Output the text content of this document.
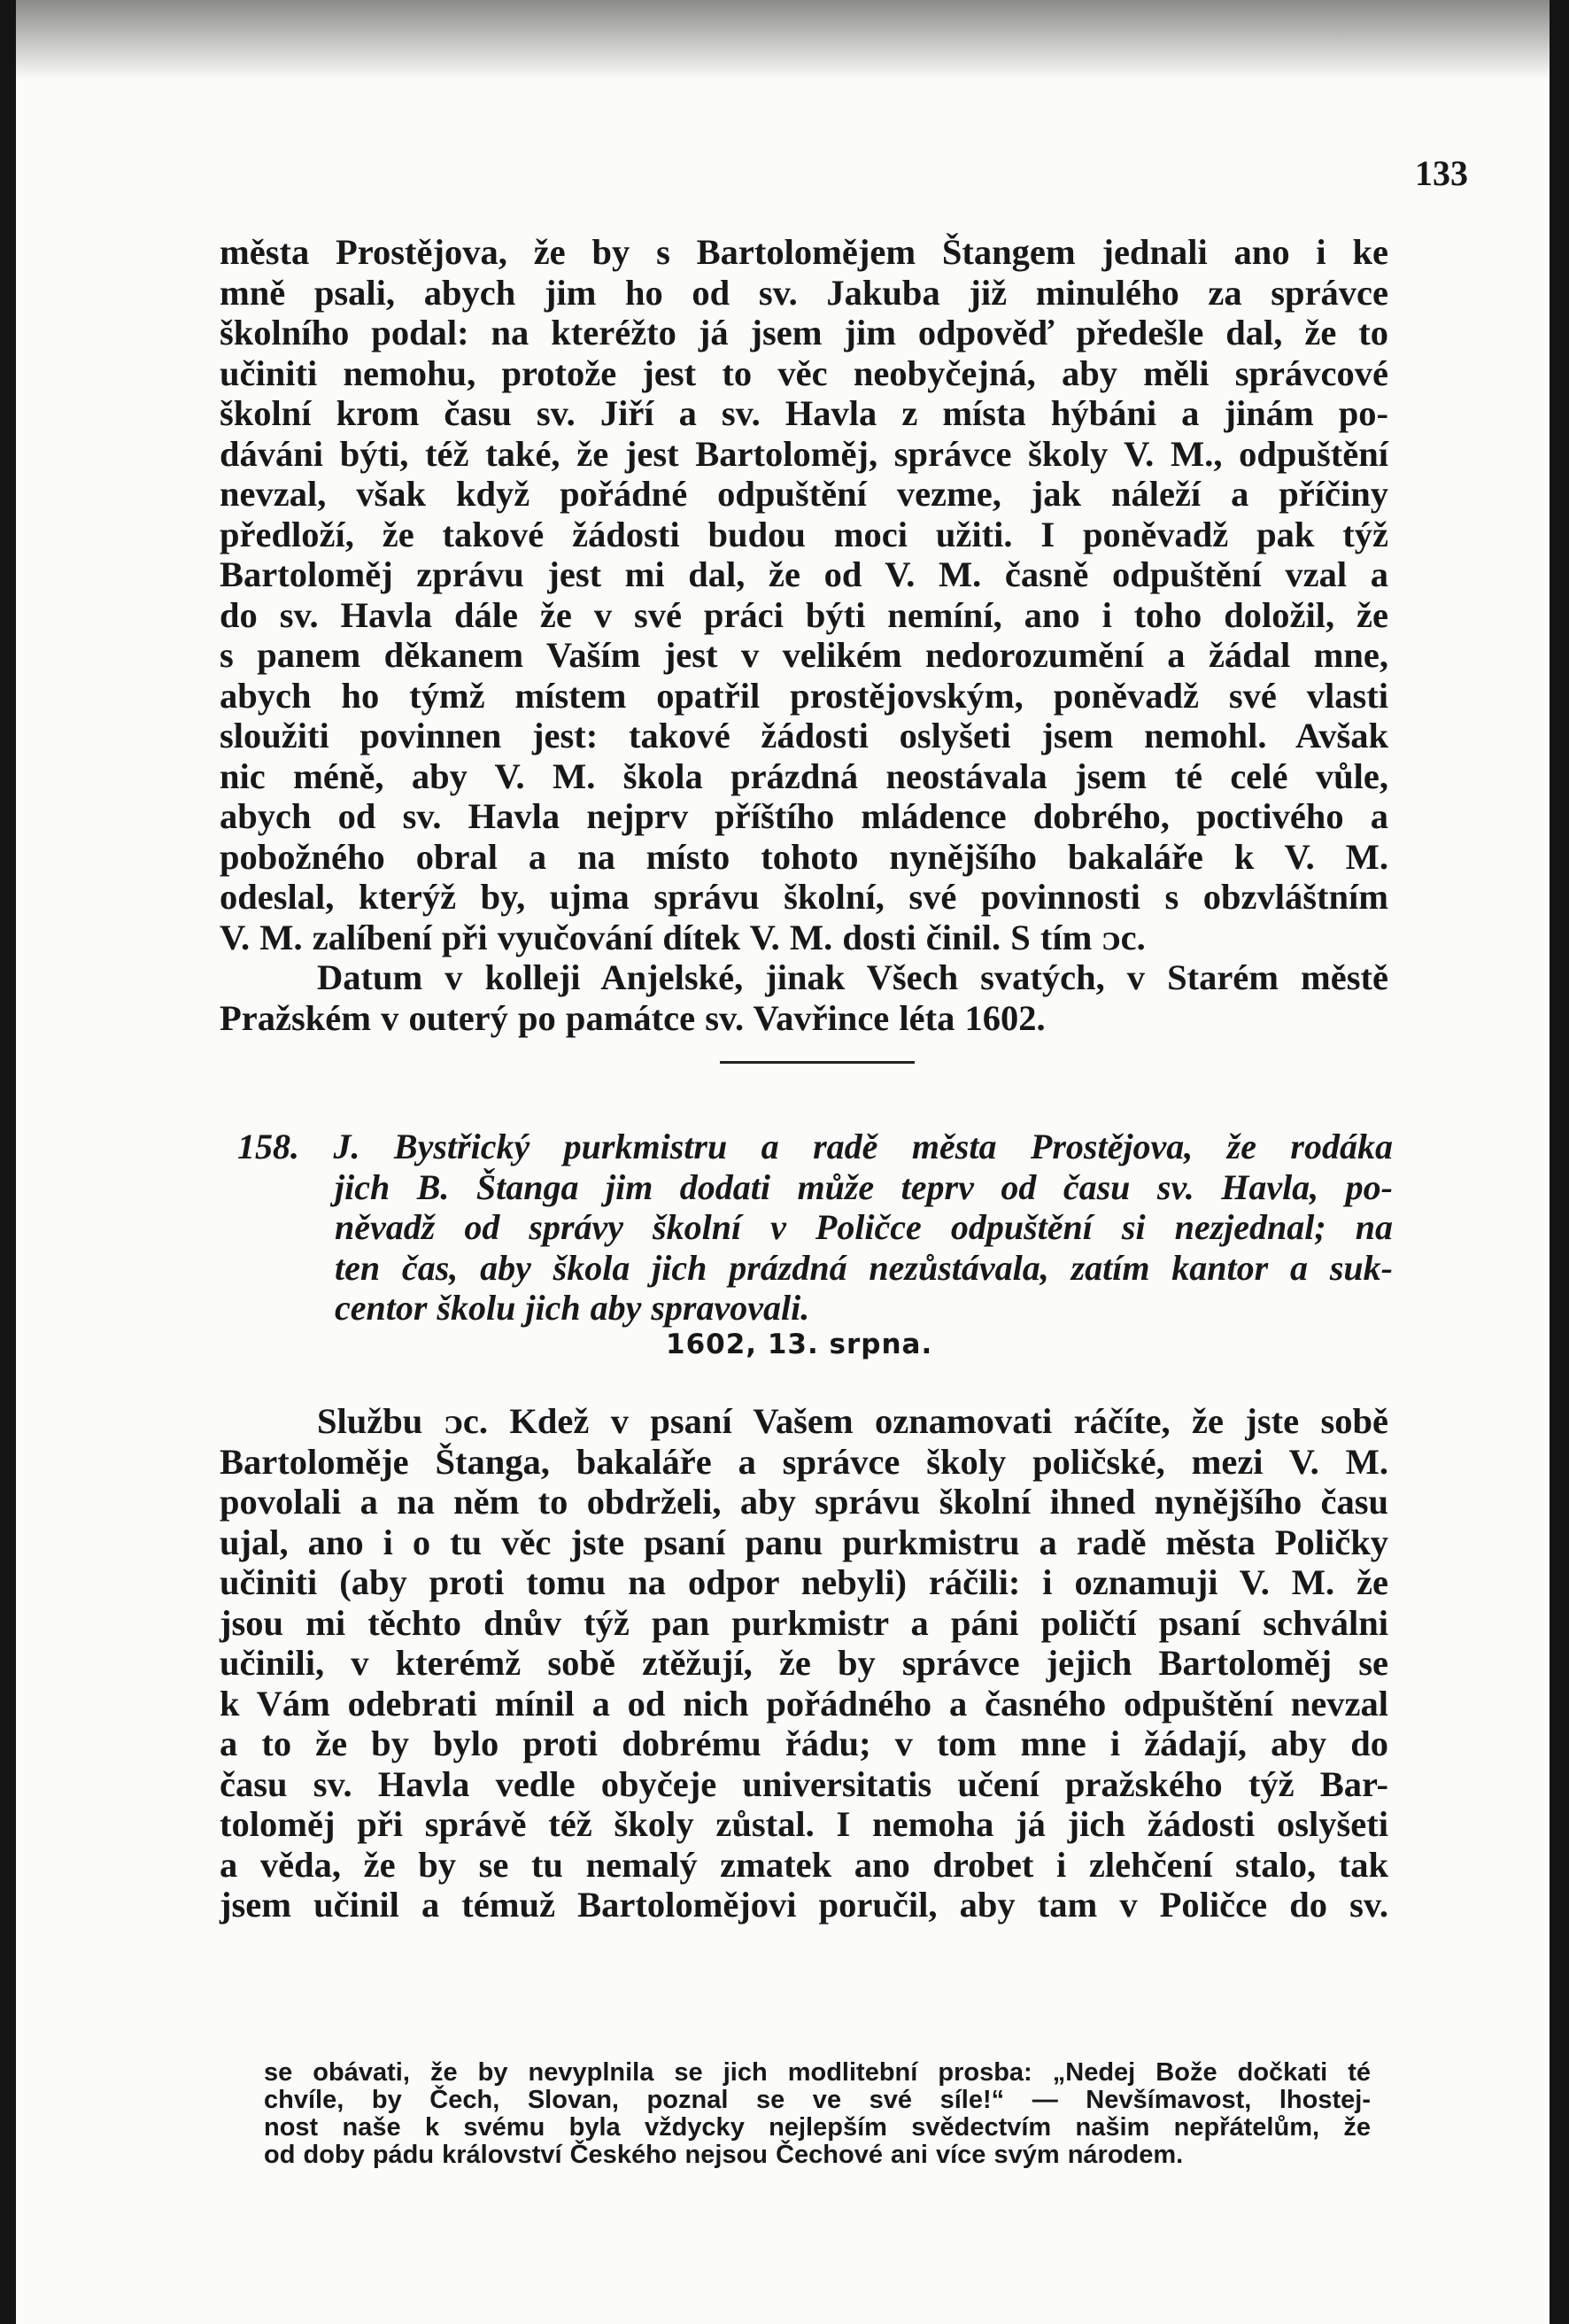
133
města Prostějova, že by s Bartolomějem Štangem jednali ano i ke
mně psali, abych jim ho od sv. Jakuba již minulého za správce
školního podal: na kteréžto já jsem jim odpověď předešle dal, že to
učiniti nemohu, protože jest to věc neobyčejná, aby měli správcové
školní krom času sv. Jiří a sv. Havla z místa hýbáni a jinám po-
dáváni býti, též také, že jest Bartoloměj, správce školy V. M., odpuštění
nevzal, však když pořádné odpuštění vezme, jak náleží a příčiny
předloží, že takové žádosti budou moci užiti. I poněvadž pak týž
Bartoloměj zprávu jest mi dal, že od V. M. časně odpuštění vzal a
do sv. Havla dále že v své práci býti nemíní, ano i toho doložil, že
s panem děkanem Vaším jest v velikém nedorozumění a žádal mne,
abych ho týmž místem opatřil prostějovským, poněvadž své vlasti
sloužiti povinnen jest: takové žádosti oslyšeti jsem nemohl. Avšak
nic méně, aby V. M. škola prázdná neostávala jsem té celé vůle,
abych od sv. Havla nejprv příštího mládence dobrého, poctivého a
pobožného obral a na místo tohoto nynějšího bakaláře k V. M.
odeslal, kterýž by, ujma správu školní, své povinnosti s obzvláštním
V. M. zalíbení při vyučování dítek V. M. dosti činil. S tím ᴐc.
Datum v kolleji Anjelské, jinak Všech svatých, v Starém městě
Pražském v outerý po památce sv. Vavřince léta 1602.
158. J. Bystřický purkmistru a radě města Prostějova, že rodáka
jich B. Štanga jim dodati může teprv od času sv. Havla, po-
něvadž od správy školní v Poličce odpuštění si nezjednal; na
ten čas, aby škola jich prázdná nezůstávala, zatím kantor a suk-
centor školu jich aby spravovali.
1602, 13. srpna.
Službu ᴐc. Kdež v psaní Vašem oznamovati ráčíte, že jste sobě
Bartoloměje Štanga, bakaláře a správce školy poličské, mezi V. M.
povolali a na něm to obdrželi, aby správu školní ihned nynějšího času
ujal, ano i o tu věc jste psaní panu purkmistru a radě města Poličky
učiniti (aby proti tomu na odpor nebyli) ráčili: i oznamuji V. M. že
jsou mi těchto dnův týž pan purkmistr a páni poličtí psaní schválni
učinili, v kterémž sobě ztěžují, že by správce jejich Bartoloměj se
k Vám odebrati mínil a od nich pořádného a časného odpuštění nevzal
a to že by bylo proti dobrému řádu; v tom mne i žádají, aby do
času sv. Havla vedle obyčeje universitatis učení pražského týž Bar-
toloměj při správě též školy zůstal. I nemoha já jich žádosti oslyšeti
a věda, že by se tu nemalý zmatek ano drobet i zlehčení stalo, tak
jsem učinil a témuž Bartolomějovi poručil, aby tam v Poličce do sv.
se obávati, že by nevyplnila se jich modlitební prosba: „Nedej Bože dočkati té
chvíle, by Čech, Slovan, poznal se ve své síle!“ — Nevšímavost, lhostej-
nost naše k svému byla vždycky nejlepším svědectvím našim nepřátelům, že
od doby pádu království Českého nejsou Čechové ani více svým národem.
